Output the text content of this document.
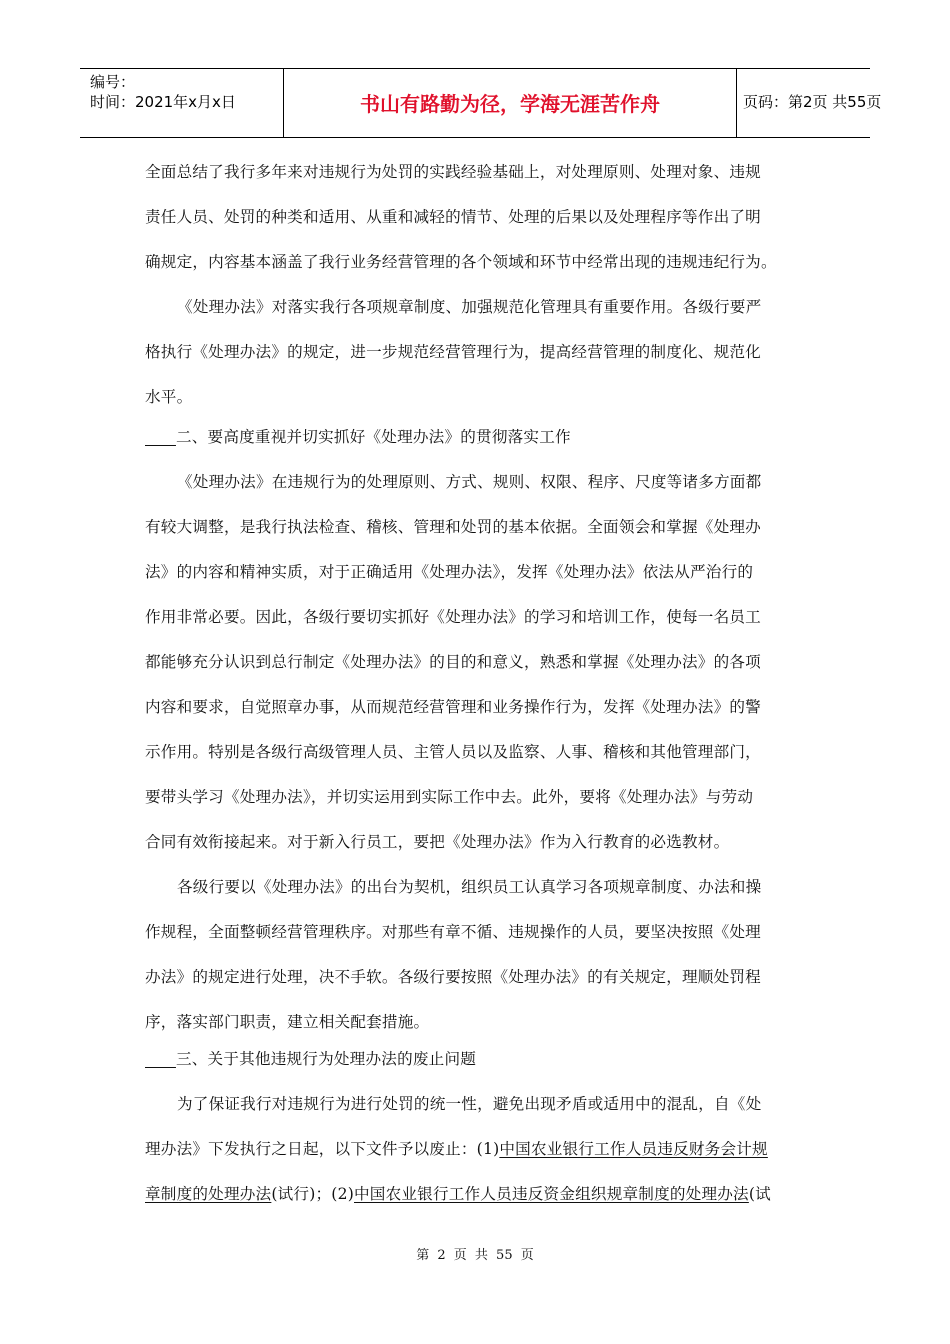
编号：
时间：2021年x月x日	书山有路勤为径，学海无涯苦作舟	页码：第2页 共55页
全面总结了我行多年来对违规行为处罚的实践经验基础上，对处理原则、处理对象、违规
责任人员、处罚的种类和适用、从重和减轻的情节、处理的后果以及处理程序等作出了明
确规定，内容基本涵盖了我行业务经营管理的各个领域和环节中经常出现的违规违纪行为。
《处理办法》对落实我行各项规章制度、加强规范化管理具有重要作用。各级行要严
格执行《处理办法》的规定，进一步规范经营管理行为，提高经营管理的制度化、规范化
水平。
二、要高度重视并切实抓好《处理办法》的贯彻落实工作
《处理办法》在违规行为的处理原则、方式、规则、权限、程序、尺度等诸多方面都
有较大调整，是我行执法检查、稽核、管理和处罚的基本依据。全面领会和掌握《处理办
法》的内容和精神实质，对于正确适用《处理办法》，发挥《处理办法》依法从严治行的
作用非常必要。因此，各级行要切实抓好《处理办法》的学习和培训工作，使每一名员工
都能够充分认识到总行制定《处理办法》的目的和意义，熟悉和掌握《处理办法》的各项
内容和要求，自觉照章办事，从而规范经营管理和业务操作行为，发挥《处理办法》的警
示作用。特别是各级行高级管理人员、主管人员以及监察、人事、稽核和其他管理部门，
要带头学习《处理办法》，并切实运用到实际工作中去。此外，要将《处理办法》与劳动
合同有效衔接起来。对于新入行员工，要把《处理办法》作为入行教育的必选教材。
各级行要以《处理办法》的出台为契机，组织员工认真学习各项规章制度、办法和操
作规程，全面整顿经营管理秩序。对那些有章不循、违规操作的人员，要坚决按照《处理
办法》的规定进行处理，决不手软。各级行要按照《处理办法》的有关规定，理顺处罚程
序，落实部门职责，建立相关配套措施。
三、关于其他违规行为处理办法的废止问题
为了保证我行对违规行为进行处罚的统一性，避免出现矛盾或适用中的混乱，自《处
理办法》下发执行之日起，以下文件予以废止：(1)中国农业银行工作人员违反财务会计规
章制度的处理办法(试行)；(2)中国农业银行工作人员违反资金组织规章制度的处理办法(试
第 2 页 共 55 页
